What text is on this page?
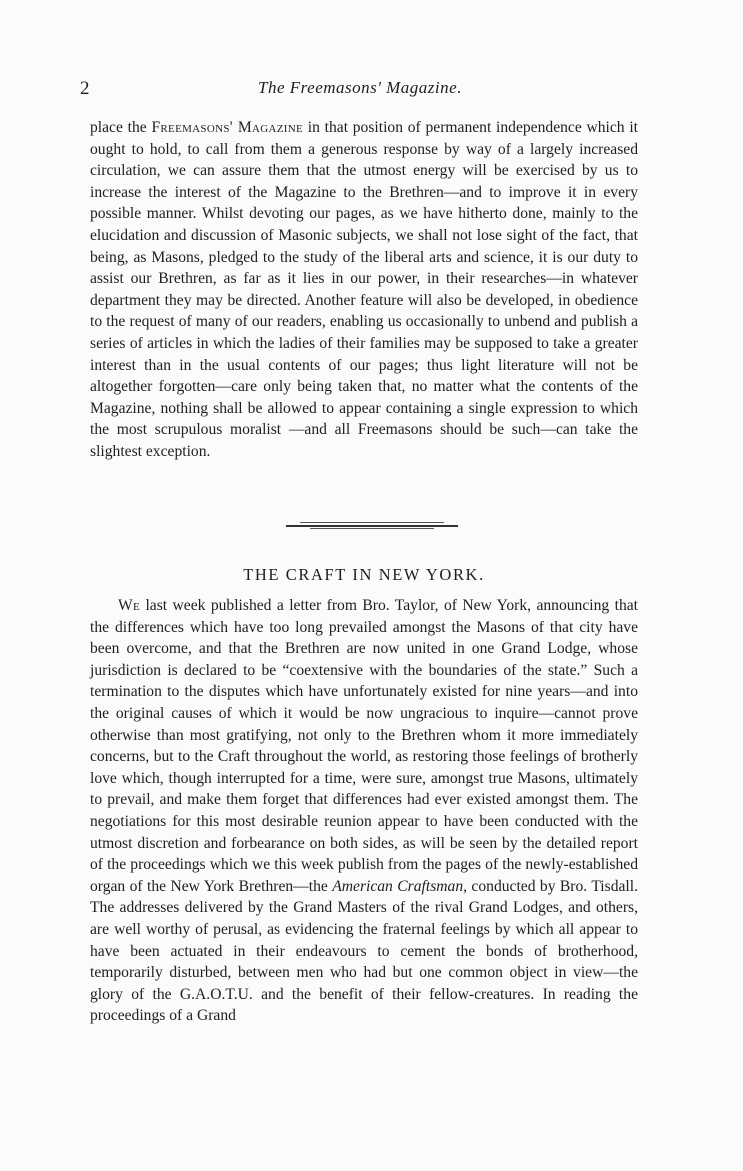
2	The Freemasons' Magazine.

place the Freemasons' Magazine in that position of permanent independence which it ought to hold, to call from them a generous response by way of a largely increased circulation, we can assure them that the utmost energy will be exercised by us to increase the interest of the Magazine to the Brethren—and to improve it in every possible manner. Whilst devoting our pages, as we have hitherto done, mainly to the elucidation and discussion of Masonic subjects, we shall not lose sight of the fact, that being, as Masons, pledged to the study of the liberal arts and science, it is our duty to assist our Brethren, as far as it lies in our power, in their researches—in whatever department they may be directed. Another feature will also be developed, in obedience to the request of many of our readers, enabling us occasionally to unbend and publish a series of articles in which the ladies of their families may be supposed to take a greater interest than in the usual contents of our pages; thus light literature will not be altogether forgotten—care only being taken that, no matter what the contents of the Magazine, nothing shall be allowed to appear containing a single expression to which the most scrupulous moralist —and all Freemasons should be such—can take the slightest exception.

THE CRAFT IN NEW YORK.

We last week published a letter from Bro. Taylor, of New York, announcing that the differences which have too long prevailed amongst the Masons of that city have been overcome, and that the Brethren are now united in one Grand Lodge, whose jurisdiction is declared to be “coextensive with the boundaries of the state.” Such a termination to the disputes which have unfortunately existed for nine years—and into the original causes of which it would be now ungracious to inquire—cannot prove otherwise than most gratifying, not only to the Brethren whom it more immediately concerns, but to the Craft throughout the world, as restoring those feelings of brotherly love which, though interrupted for a time, were sure, amongst true Masons, ultimately to prevail, and make them forget that differences had ever existed amongst them. The negotiations for this most desirable reunion appear to have been conducted with the utmost discretion and forbearance on both sides, as will be seen by the detailed report of the proceedings which we this week publish from the pages of the newly-established organ of the New York Brethren—the American Craftsman, conducted by Bro. Tisdall. The addresses delivered by the Grand Masters of the rival Grand Lodges, and others, are well worthy of perusal, as evidencing the fraternal feelings by which all appear to have been actuated in their endeavours to cement the bonds of brotherhood, temporarily disturbed, between men who had but one common object in view—the glory of the G.A.O.T.U. and the benefit of their fellow-creatures. In reading the proceedings of a Grand
